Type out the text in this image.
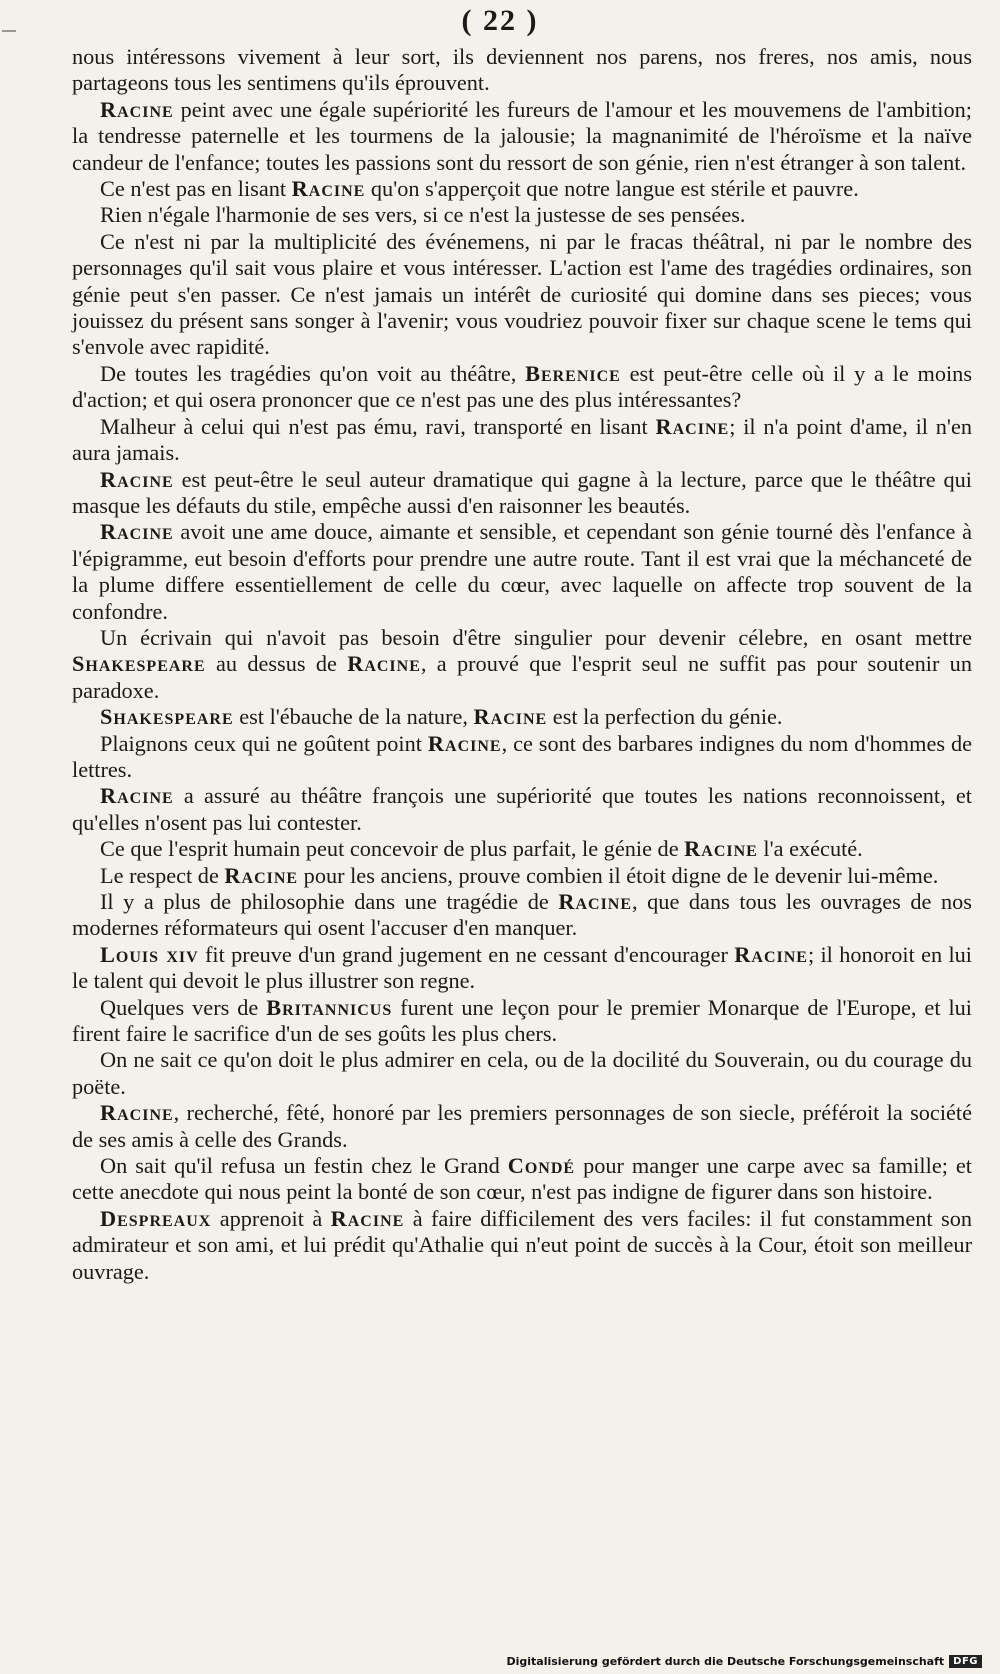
( 22 )

nous intéressons vivement à leur sort, ils deviennent nos parens, nos freres, nos amis, nous partageons tous les sentimens qu'ils éprouvent.

Racine peint avec une égale supériorité les fureurs de l'amour et les mouvemens de l'ambition; la tendresse paternelle et les tourmens de la jalousie; la magnanimité de l'héroïsme et la naïve candeur de l'enfance; toutes les passions sont du ressort de son génie, rien n'est étranger à son talent.

Ce n'est pas en lisant Racine qu'on s'apperçoit que notre langue est stérile et pauvre.

Rien n'égale l'harmonie de ses vers, si ce n'est la justesse de ses pensées.

Ce n'est ni par la multiplicité des événemens, ni par le fracas théâtral, ni par le nombre des personnages qu'il sait vous plaire et vous intéresser. L'action est l'ame des tragédies ordinaires, son génie peut s'en passer. Ce n'est jamais un intérêt de curiosité qui domine dans ses pieces; vous jouissez du présent sans songer à l'avenir; vous voudriez pouvoir fixer sur chaque scene le tems qui s'envole avec rapidité.

De toutes les tragédies qu'on voit au théâtre, Berenice est peut-être celle où il y a le moins d'action; et qui osera prononcer que ce n'est pas une des plus intéressantes?

Malheur à celui qui n'est pas ému, ravi, transporté en lisant Racine; il n'a point d'ame, il n'en aura jamais.

Racine est peut-être le seul auteur dramatique qui gagne à la lecture, parce que le théâtre qui masque les défauts du stile, empêche aussi d'en raisonner les beautés.

Racine avoit une ame douce, aimante et sensible, et cependant son génie tourné dès l'enfance à l'épigramme, eut besoin d'efforts pour prendre une autre route. Tant il est vrai que la méchanceté de la plume differe essentiellement de celle du cœur, avec laquelle on affecte trop souvent de la confondre.

Un écrivain qui n'avoit pas besoin d'être singulier pour devenir célebre, en osant mettre Shakespeare au dessus de Racine, a prouvé que l'esprit seul ne suffit pas pour soutenir un paradoxe.

Shakespeare est l'ébauche de la nature, Racine est la perfection du génie.

Plaignons ceux qui ne goûtent point Racine, ce sont des barbares indignes du nom d'hommes de lettres.

Racine a assuré au théâtre françois une supériorité que toutes les nations reconnoissent, et qu'elles n'osent pas lui contester.

Ce que l'esprit humain peut concevoir de plus parfait, le génie de Racine l'a exécuté.

Le respect de Racine pour les anciens, prouve combien il étoit digne de le devenir lui-même.

Il y a plus de philosophie dans une tragédie de Racine, que dans tous les ouvrages de nos modernes réformateurs qui osent l'accuser d'en manquer.

Louis xiv fit preuve d'un grand jugement en ne cessant d'encourager Racine; il honoroit en lui le talent qui devoit le plus illustrer son regne.

Quelques vers de Britannicus furent une leçon pour le premier Monarque de l'Europe, et lui firent faire le sacrifice d'un de ses goûts les plus chers.

On ne sait ce qu'on doit le plus admirer en cela, ou de la docilité du Souverain, ou du courage du poëte.

Racine, recherché, fêté, honoré par les premiers personnages de son siecle, préféroit la société de ses amis à celle des Grands.

On sait qu'il refusa un festin chez le Grand Condé pour manger une carpe avec sa famille; et cette anecdote qui nous peint la bonté de son cœur, n'est pas indigne de figurer dans son histoire.

Despreaux apprenoit à Racine à faire difficilement des vers faciles: il fut constamment son admirateur et son ami, et lui prédit qu'Athalie qui n'eut point de succès à la Cour, étoit son meilleur ouvrage.

Digitalisierung gefördert durch die Deutsche Forschungsgemeinschaft DFG
